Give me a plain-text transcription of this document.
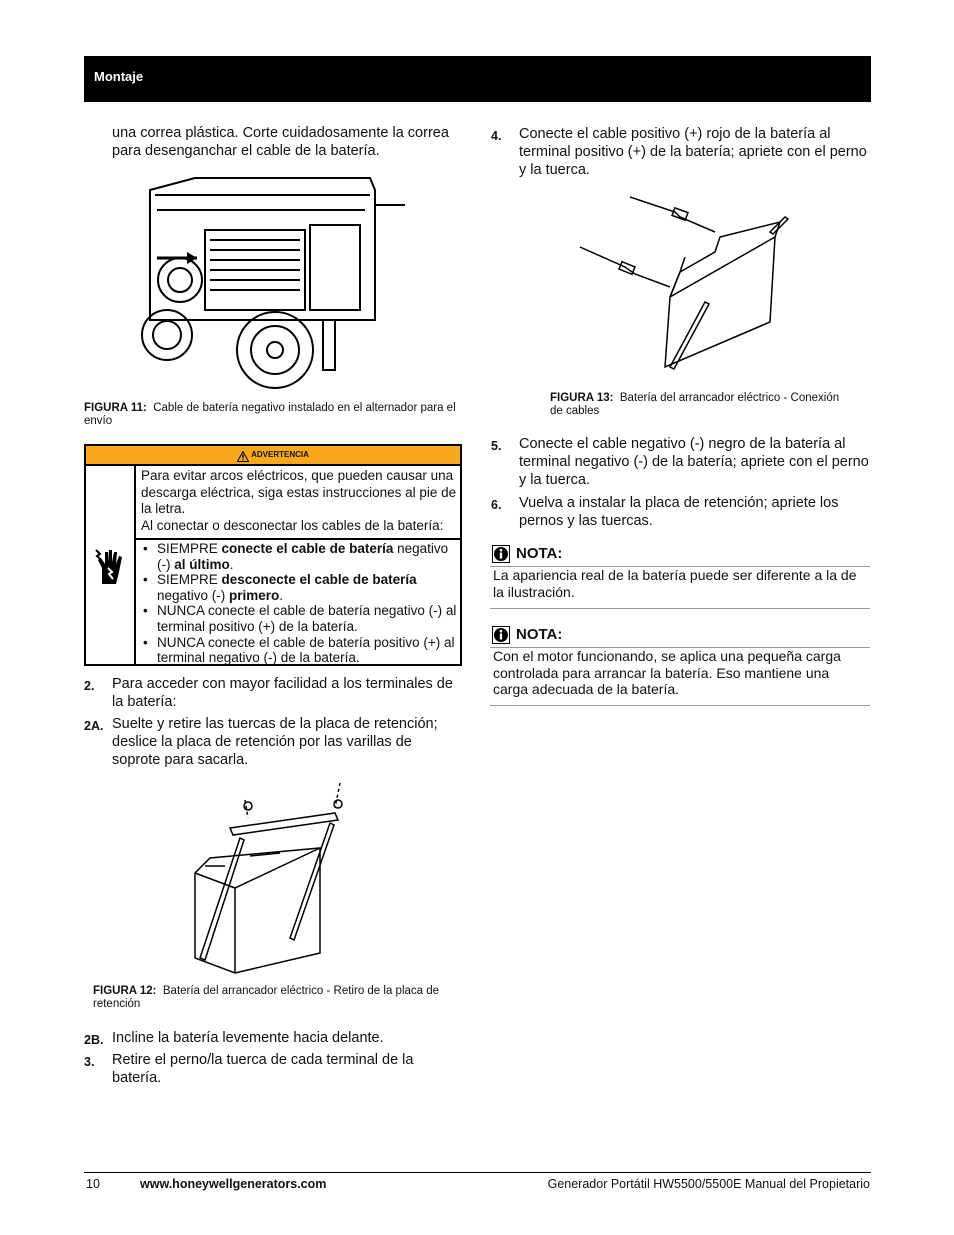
Montaje
una correa plástica. Corte cuidadosamente la correa para desenganchar el cable de la batería.
FIGURA 11: Cable de batería negativo instalado en el alternador para el envío
$^{ADVERTENCIA}$
Para evitar arcos eléctricos, que pueden causar una descarga eléctrica, siga estas instrucciones al pie de la letra.
Al conectar o desconectar los cables de la batería:
• SIEMPRE conecte el cable de batería negativo (-) al último.
• SIEMPRE desconecte el cable de batería negativo (-) primero.
• NUNCA conecte el cable de batería negativo (-) al terminal positivo (+) de la batería.
• NUNCA conecte el cable de batería positivo (+) al terminal negativo (-) de la batería.
2. Para acceder con mayor facilidad a los terminales de la batería:
2A. Suelte y retire las tuercas de la placa de retención; deslice la placa de retención por las varillas de soprote para sacarla.
FIGURA 12: Batería del arrancador eléctrico - Retiro de la placa de retención
2B. Incline la batería levemente hacia delante.
3. Retire el perno/la tuerca de cada terminal de la batería.
4. Conecte el cable positivo (+) rojo de la batería al terminal positivo (+) de la batería; apriete con el perno y la tuerca.
FIGURA 13: Batería del arrancador eléctrico - Conexión de cables
5. Conecte el cable negativo (-) negro de la batería al terminal negativo (-) de la batería; apriete con el perno y la tuerca.
6. Vuelva a instalar la placa de retención; apriete los pernos y las tuercas.
NOTA:
La apariencia real de la batería puede ser diferente a la de la ilustración.
NOTA:
Con el motor funcionando, se aplica una pequeña carga controlada para arrancar la batería. Eso mantiene una carga adecuada de la batería.
10	www.honeywellgenerators.com	Generador Portátil HW5500/5500E Manual del Propietario
